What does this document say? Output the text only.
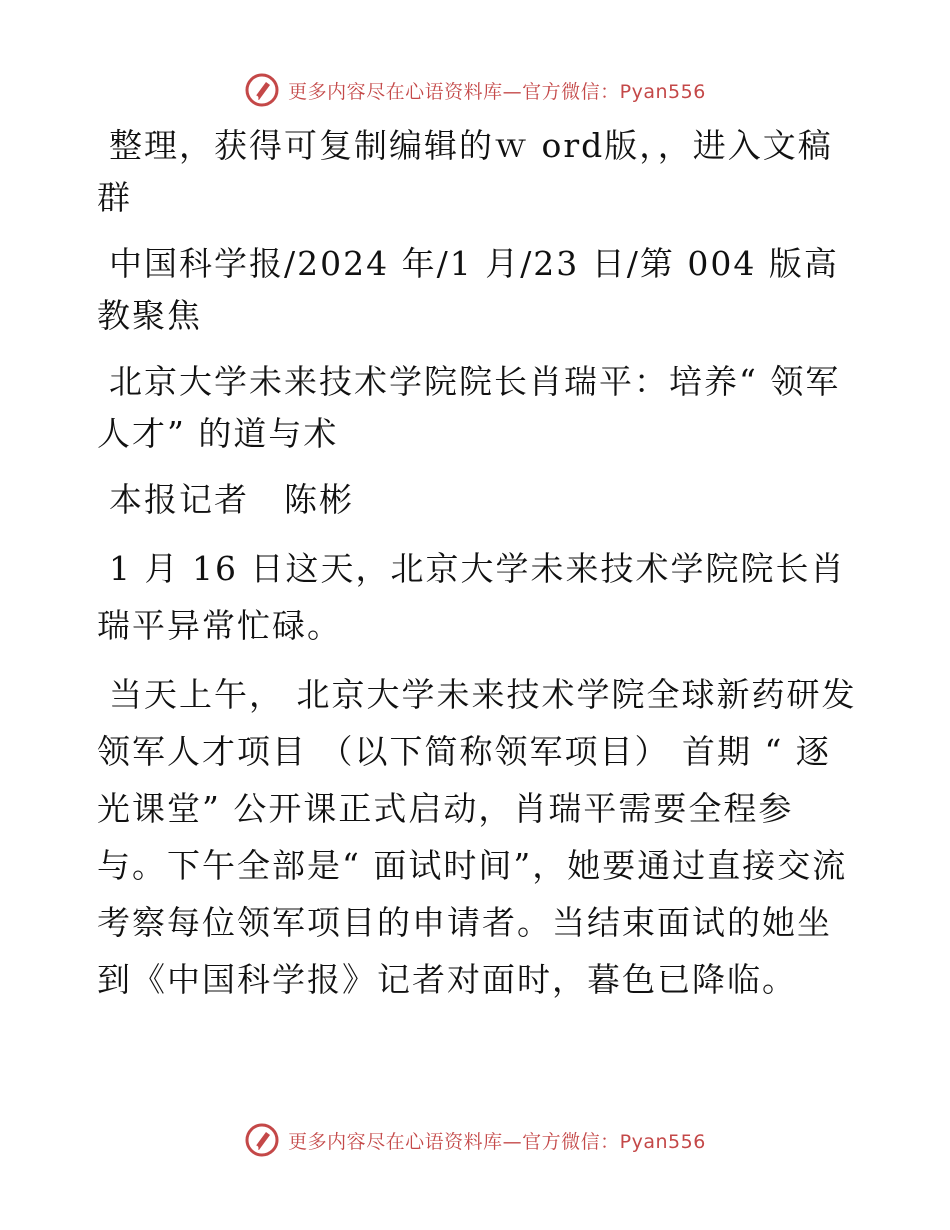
更多内容尽在心语资料库—官方微信：Pyan556

整理，获得可复制编辑的ｗ ord版，，进入文稿群

中国科学报/2024 年/1 月/23 日/第 004 版高教聚焦

北京大学未来技术学院院长肖瑞平：培养“ 领军人才” 的道与术

本报记者　陈彬

1 月 16 日这天，北京大学未来技术学院院长肖瑞平异常忙碌。

当天上午， 北京大学未来技术学院全球新药研发领军人才项目 （以下简称领军项目） 首期 “ 逐光课堂” 公开课正式启动，肖瑞平需要全程参与。下午全部是“ 面试时间”，她要通过直接交流考察每位领军项目的申请者。当结束面试的她坐到《中国科学报》记者对面时，暮色已降临。

更多内容尽在心语资料库—官方微信：Pyan556
